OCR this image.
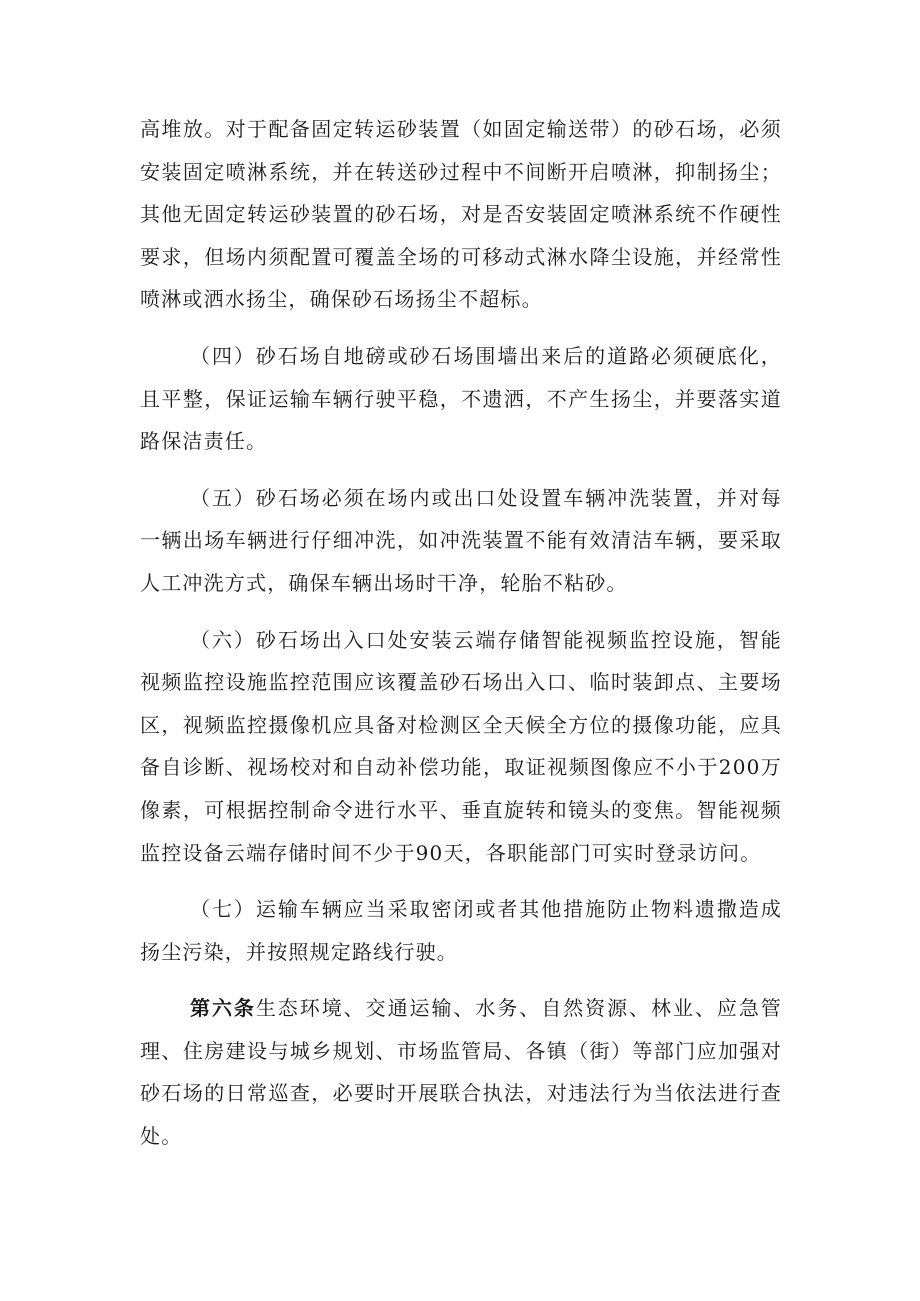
高堆放。对于配备固定转运砂装置（如固定输送带）的砂石场，必须安装固定喷淋系统，并在转送砂过程中不间断开启喷淋，抑制扬尘；其他无固定转运砂装置的砂石场，对是否安装固定喷淋系统不作硬性要求，但场内须配置可覆盖全场的可移动式淋水降尘设施，并经常性喷淋或洒水扬尘，确保砂石场扬尘不超标。

（四）砂石场自地磅或砂石场围墙出来后的道路必须硬底化，且平整，保证运输车辆行驶平稳，不遗洒，不产生扬尘，并要落实道路保洁责任。

（五）砂石场必须在场内或出口处设置车辆冲洗装置，并对每一辆出场车辆进行仔细冲洗，如冲洗装置不能有效清洁车辆，要采取人工冲洗方式，确保车辆出场时干净，轮胎不粘砂。

（六）砂石场出入口处安装云端存储智能视频监控设施，智能视频监控设施监控范围应该覆盖砂石场出入口、临时装卸点、主要场区，视频监控摄像机应具备对检测区全天候全方位的摄像功能，应具备自诊断、视场校对和自动补偿功能，取证视频图像应不小于200万像素，可根据控制命令进行水平、垂直旋转和镜头的变焦。智能视频监控设备云端存储时间不少于90天，各职能部门可实时登录访问。

（七）运输车辆应当采取密闭或者其他措施防止物料遗撒造成扬尘污染，并按照规定路线行驶。

第六条生态环境、交通运输、水务、自然资源、林业、应急管理、住房建设与城乡规划、市场监管局、各镇（街）等部门应加强对砂石场的日常巡查，必要时开展联合执法，对违法行为当依法进行查处。
